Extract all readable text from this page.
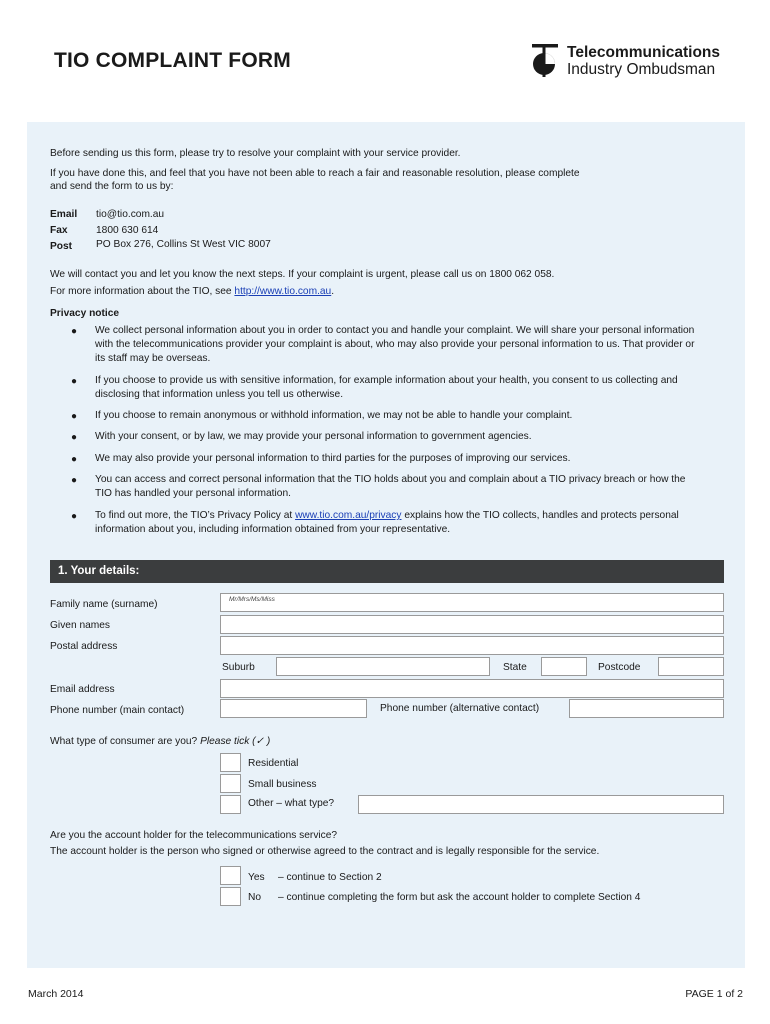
TIO COMPLAINT FORM	Telecommunications
Industry Ombudsman
Before sending us this form, please try to resolve your complaint with your service provider.
If you have done this, and feel that you have not been able to reach a fair and reasonable resolution, please complete
and send the form to us by:
Email tio@tio.com.au
Fax	1800 630 614
Post PO Box 276, Collins St West VIC 8007
We will contact you and let you know the next steps. If your complaint is urgent, please call us on 1800 062 058.
For more information about the TIO, see http://www.tio.com.au.
Privacy notice
● We collect personal information about you in order to contact you and handle your complaint. We will share your personal information with the telecommunications provider your complaint is about, who may also provide your personal information to us. That provider or its staff may be overseas.
● If you choose to provide us with sensitive information, for example information about your health, you consent to us collecting and disclosing that information unless you tell us otherwise.
● If you choose to remain anonymous or withhold information, we may not be able to handle your complaint.
● With your consent, or by law, we may provide your personal information to government agencies.
● We may also provide your personal information to third parties for the purposes of improving our services.
● You can access and correct personal information that the TIO holds about you and complain about a TIO privacy breach or how the TIO has handled your personal information.
● To find out more, the TIO’s Privacy Policy at www.tio.com.au/privacy explains how the TIO collects, handles and protects personal information about you, including information obtained from your representative.
1. Your details:
Family name (surname)	Mr/Mrs/Ms/Miss
Given names
Postal address
Suburb	State	Postcode
Email address
Phone number (main contact)	Phone number (alternative contact)
What type of consumer are you? Please tick (✓ )
Residential
Small business
Other – what type?
Are you the account holder for the telecommunications service?
The account holder is the person who signed or otherwise agreed to the contract and is legally responsible for the service.
Yes – continue to Section 2
No – continue completing the form but ask the account holder to complete Section 4
March 2014	PAGE 1 of 2
